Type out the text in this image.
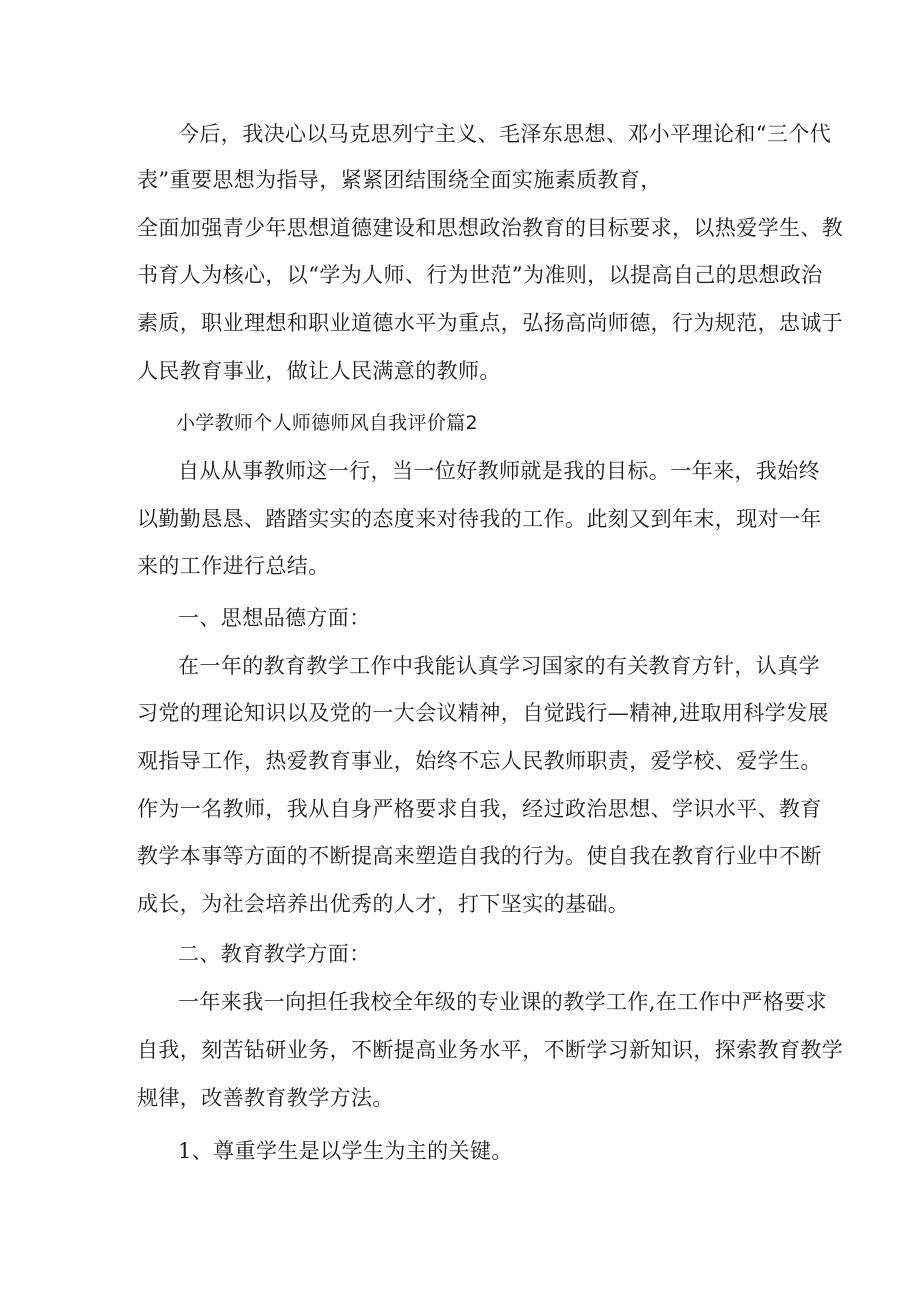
今后，我决心以马克思列宁主义、毛泽东思想、邓小平理论和“三个代
表”重要思想为指导，紧紧团结围绕全面实施素质教育，
全面加强青少年思想道德建设和思想政治教育的目标要求，以热爱学生、教
书育人为核心，以“学为人师、行为世范”为准则，以提高自己的思想政治
素质，职业理想和职业道德水平为重点，弘扬高尚师德，行为规范，忠诚于
人民教育事业，做让人民满意的教师。
小学教师个人师德师风自我评价篇2
自从从事教师这一行，当一位好教师就是我的目标。一年来，我始终
以勤勤恳恳、踏踏实实的态度来对待我的工作。此刻又到年末，现对一年
来的工作进行总结。
一、思想品德方面：
在一年的教育教学工作中我能认真学习国家的有关教育方针，认真学
习党的理论知识以及党的一大会议精神，自觉践行—精神,进取用科学发展
观指导工作，热爱教育事业，始终不忘人民教师职责，爱学校、爱学生。
作为一名教师，我从自身严格要求自我，经过政治思想、学识水平、教育
教学本事等方面的不断提高来塑造自我的行为。使自我在教育行业中不断
成长，为社会培养出优秀的人才，打下坚实的基础。
二、教育教学方面：
一年来我一向担任我校全年级的专业课的教学工作,在工作中严格要求
自我，刻苦钻研业务，不断提高业务水平，不断学习新知识，探索教育教学
规律，改善教育教学方法。
1、尊重学生是以学生为主的关键。
